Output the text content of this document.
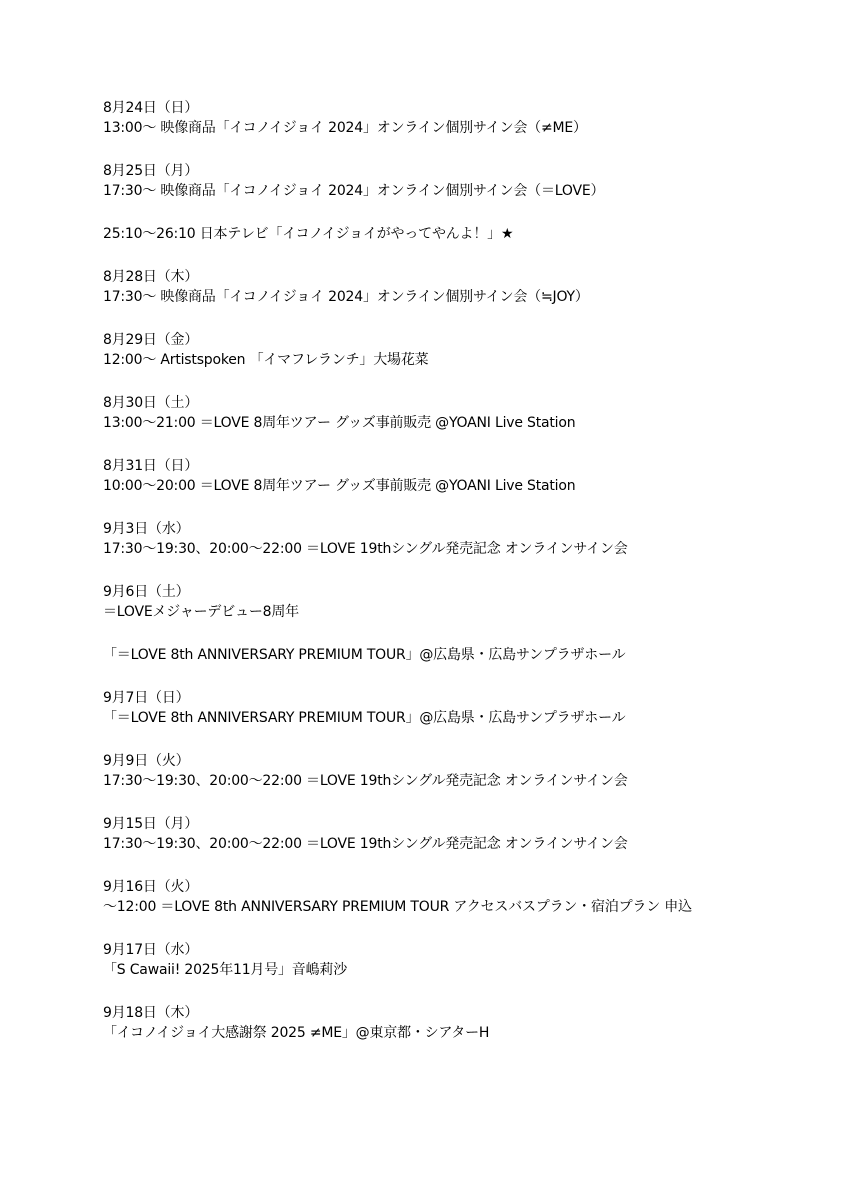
8月24日（日）
13:00〜 映像商品「イコノイジョイ 2024」オンライン個別サイン会（≠ME）
8月25日（月）
17:30〜 映像商品「イコノイジョイ 2024」オンライン個別サイン会（＝LOVE）
25:10〜26:10 日本テレビ「イコノイジョイがやってやんよ！」★
8月28日（木）
17:30〜 映像商品「イコノイジョイ 2024」オンライン個別サイン会（≒JOY）
8月29日（金）
12:00〜 Artistspoken 「イマフレランチ」大場花菜
8月30日（土）
13:00〜21:00 ＝LOVE 8周年ツアー グッズ事前販売 @YOANI Live Station
8月31日（日）
10:00〜20:00 ＝LOVE 8周年ツアー グッズ事前販売 @YOANI Live Station
9月3日（水）
17:30〜19:30、20:00〜22:00 ＝LOVE 19thシングル発売記念 オンラインサイン会
9月6日（土）
＝LOVEメジャーデビュー8周年
「＝LOVE 8th ANNIVERSARY PREMIUM TOUR」@広島県・広島サンプラザホール
9月7日（日）
「＝LOVE 8th ANNIVERSARY PREMIUM TOUR」@広島県・広島サンプラザホール
9月9日（火）
17:30〜19:30、20:00〜22:00 ＝LOVE 19thシングル発売記念 オンラインサイン会
9月15日（月）
17:30〜19:30、20:00〜22:00 ＝LOVE 19thシングル発売記念 オンラインサイン会
9月16日（火）
〜12:00 ＝LOVE 8th ANNIVERSARY PREMIUM TOUR アクセスバスプラン・宿泊プラン 申込
9月17日（水）
「S Cawaii! 2025年11月号」音嶋莉沙
9月18日（木）
「イコノイジョイ大感謝祭 2025 ≠ME」@東京都・シアターH
